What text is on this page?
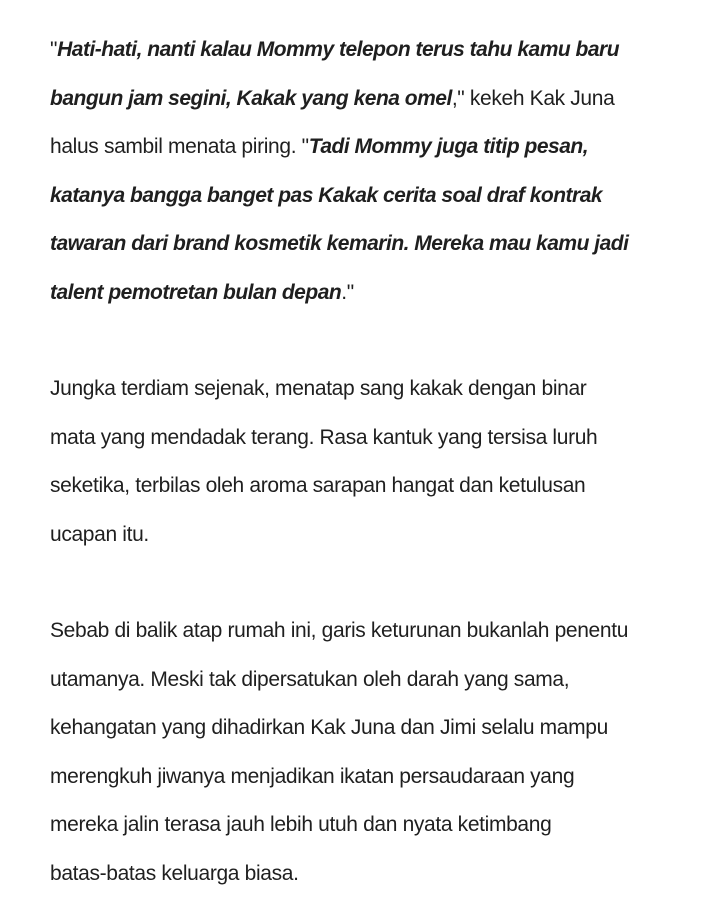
"Hati-hati, nanti kalau Mommy telepon terus tahu kamu baru
bangun jam segini, Kakak yang kena omel," kekeh Kak Juna
halus sambil menata piring. "Tadi Mommy juga titip pesan,
katanya bangga banget pas Kakak cerita soal draf kontrak
tawaran dari brand kosmetik kemarin. Mereka mau kamu jadi
talent pemotretan bulan depan."

Jungka terdiam sejenak, menatap sang kakak dengan binar
mata yang mendadak terang. Rasa kantuk yang tersisa luruh
seketika, terbilas oleh aroma sarapan hangat dan ketulusan
ucapan itu.

Sebab di balik atap rumah ini, garis keturunan bukanlah penentu
utamanya. Meski tak dipersatukan oleh darah yang sama,
kehangatan yang dihadirkan Kak Juna dan Jimi selalu mampu
merengkuh jiwanya menjadikan ikatan persaudaraan yang
mereka jalin terasa jauh lebih utuh dan nyata ketimbang
batas-batas keluarga biasa.
